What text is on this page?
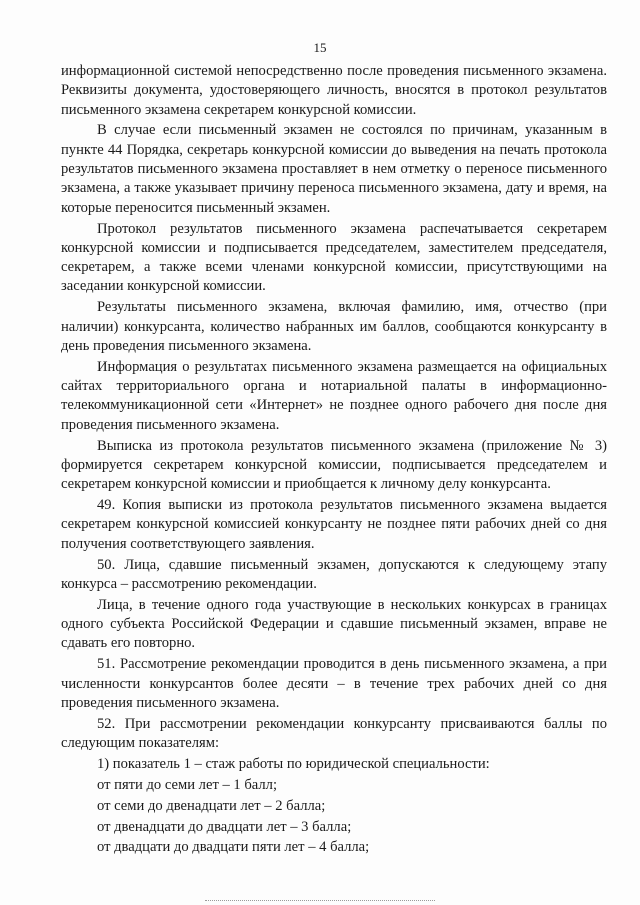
15

информационной системой непосредственно после проведения письменного экзамена. Реквизиты документа, удостоверяющего личность, вносятся в протокол результатов письменного экзамена секретарем конкурсной комиссии.

В случае если письменный экзамен не состоялся по причинам, указанным в пункте 44 Порядка, секретарь конкурсной комиссии до выведения на печать протокола результатов письменного экзамена проставляет в нем отметку о переносе письменного экзамена, а также указывает причину переноса письменного экзамена, дату и время, на которые переносится письменный экзамен.

Протокол результатов письменного экзамена распечатывается секретарем конкурсной комиссии и подписывается председателем, заместителем председателя, секретарем, а также всеми членами конкурсной комиссии, присутствующими на заседании конкурсной комиссии.

Результаты письменного экзамена, включая фамилию, имя, отчество (при наличии) конкурсанта, количество набранных им баллов, сообщаются конкурсанту в день проведения письменного экзамена.

Информация о результатах письменного экзамена размещается на официальных сайтах территориального органа и нотариальной палаты в информационно-телекоммуникационной сети «Интернет» не позднее одного рабочего дня после дня проведения письменного экзамена.

Выписка из протокола результатов письменного экзамена (приложение № 3) формируется секретарем конкурсной комиссии, подписывается председателем и секретарем конкурсной комиссии и приобщается к личному делу конкурсанта.

49. Копия выписки из протокола результатов письменного экзамена выдается секретарем конкурсной комиссией конкурсанту не позднее пяти рабочих дней со дня получения соответствующего заявления.

50. Лица, сдавшие письменный экзамен, допускаются к следующему этапу конкурса – рассмотрению рекомендации.

Лица, в течение одного года участвующие в нескольких конкурсах в границах одного субъекта Российской Федерации и сдавшие письменный экзамен, вправе не сдавать его повторно.

51. Рассмотрение рекомендации проводится в день письменного экзамена, а при численности конкурсантов более десяти – в течение трех рабочих дней со дня проведения письменного экзамена.

52. При рассмотрении рекомендации конкурсанту присваиваются баллы по следующим показателям:

1) показатель 1 – стаж работы по юридической специальности:

от пяти до семи лет – 1 балл;

от семи до двенадцати лет – 2 балла;

от двенадцати до двадцати лет – 3 балла;

от двадцати до двадцати пяти лет – 4 балла;
